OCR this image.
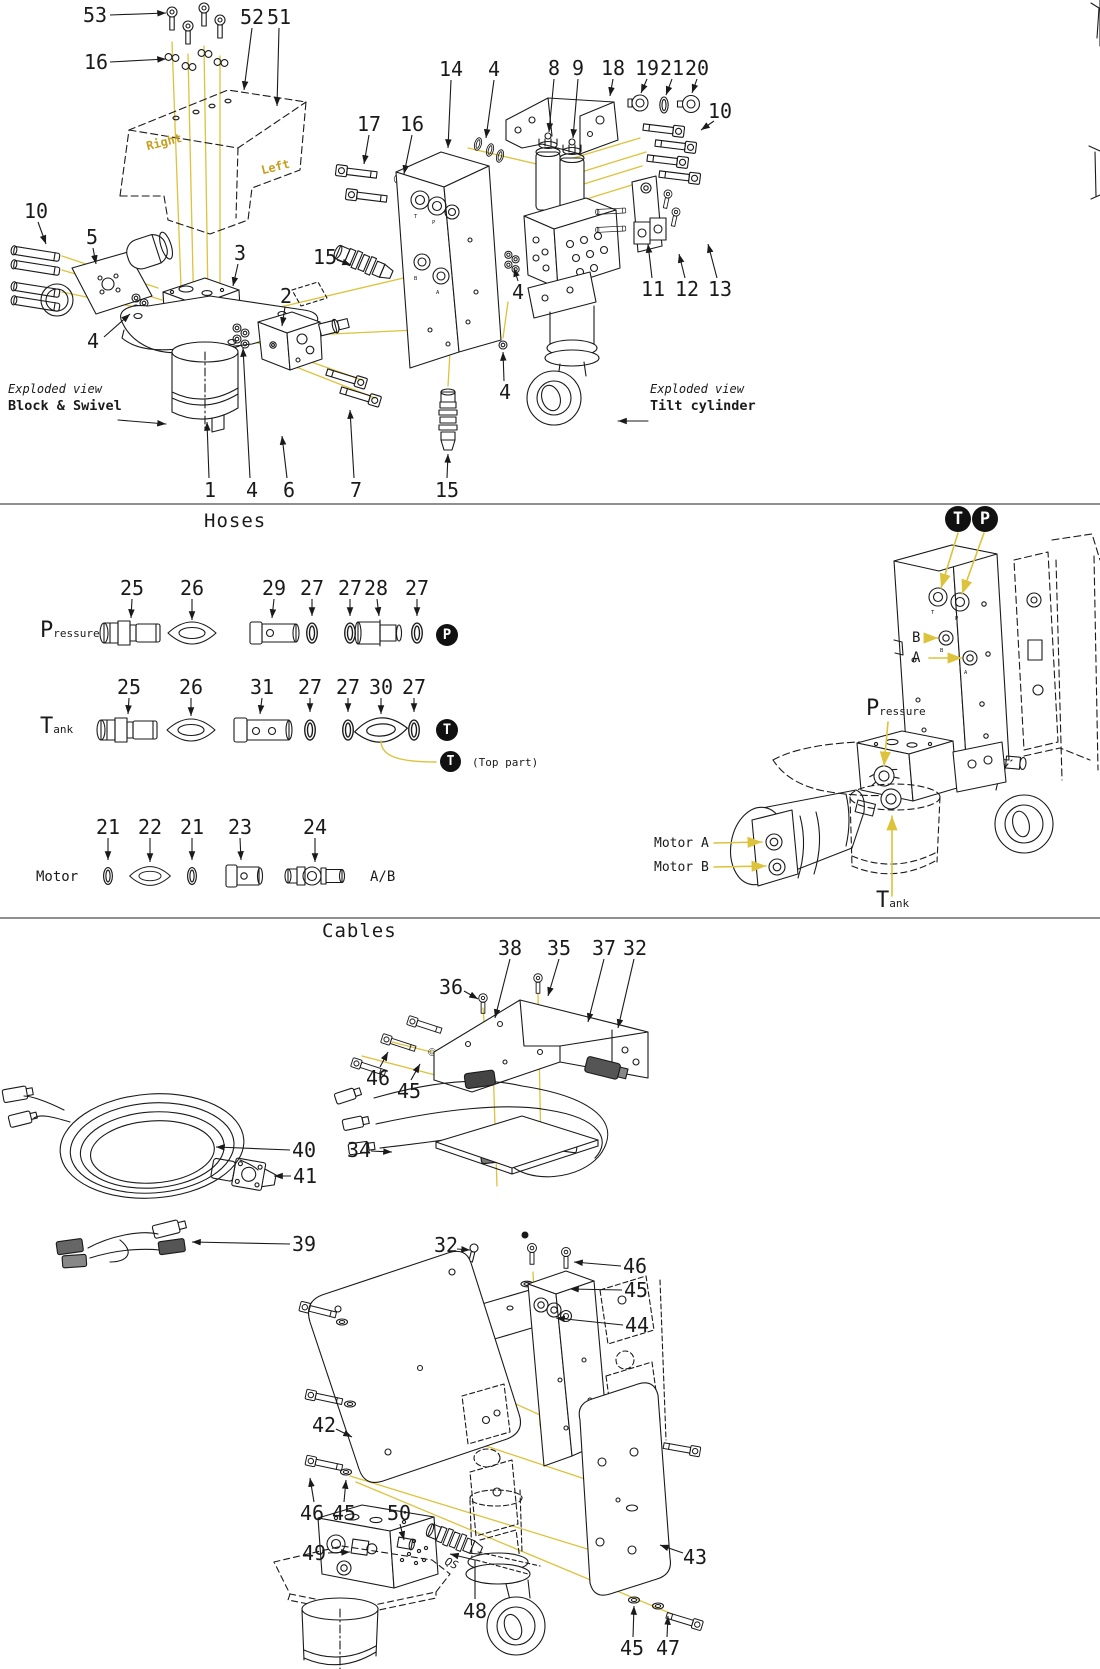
T
P
B
A
T
P
B
A
QS
53
16
52 51
17 16
14 4 8 9 18 19 21 20
10
10
5
3	15
2
4
11 12 13
4
4
1 4 6	7	15
25 26	29 27 27 28 27
25 26 31 27 27 30 27
21 22 21 23	24
36
38 35 37 32
46
45
40
41
34
39	32
46
45
44
42
46 45 50
49
48
43
45 47
Exploded view
Block & Swivel
Exploded view
Tilt cylinder
Right
Left
Hoses
Pressure
Tank
Motor	A/B
P
T
T	(Top part)
T P
B
A
Pressure
Motor A
Motor B
Tank
Cables
